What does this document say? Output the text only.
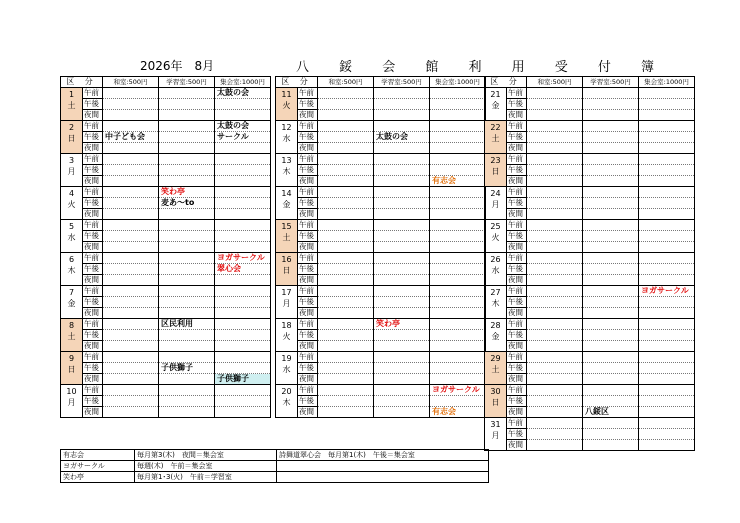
2026年　8月	八 鋖 会 館 利 用 受 付 簿
区 分		和室:500円	学習室:500円	集会室:1000円

1
土	午前			太鼓の会
	午後			
	夜間			

2
日	午前			太鼓の会
	午後	中子ども会		サークル
	夜間			

3
月	午前			
	午後			
	夜間			

4
火	午前		笑わ亭	
	午後		麦あ～to	
	夜間			

5
水	午前			
	午後			
	夜間			

6
木	午前			ヨガサークル
	午後			翠心会
	夜間			

7
金	午前			
	午後			
	夜間			

8
土	午前		区民利用	
	午後			
	夜間			

9
日	午前			
	午後		子供獅子	
	夜間			子供獅子

10
月	午前			
	午後			
	夜間			
区 分		和室:500円	学習室:500円	集会室:1000円

11
火	午前			
	午後			
	夜間			

12
水	午前			
	午後		太鼓の会	
	夜間			

13
木	午前			
	午後			
	夜間			有志会

14
金	午前			
	午後			
	夜間			

15
土	午前			
	午後			
	夜間			

16
日	午前			
	午後			
	夜間			

17
月	午前			
	午後			
	夜間			

18
火	午前		笑わ亭	
	午後			
	夜間			

19
水	午前			
	午後			
	夜間			

20
木	午前			ヨガサークル
	午後			
	夜間			有志会
区 分		和室:500円	学習室:500円	集会室:1000円

21
金	午前			
	午後			
	夜間			

22
土	午前			
	午後			
	夜間			

23
日	午前			
	午後			
	夜間			

24
月	午前			
	午後			
	夜間			

25
火	午前			
	午後			
	夜間			

26
水	午前			
	午後			
	夜間			

27
木	午前			ヨガサークル
	午後			
	夜間			

28
金	午前			
	午後			
	夜間			

29
土	午前			
	午後			
	夜間			

30
日	午前			
	午後			
	夜間		八鋖区	

31
月	午前			
	午後			
	夜間			
有志会	毎月第3(木)　夜間＝集会室	詩舞道翠心会　毎月第1(木)　午後＝集会室
ヨガサークル	毎週(木)　午前＝集会室	
笑わ亭	毎月第1･3(火)　午前＝学習室	
